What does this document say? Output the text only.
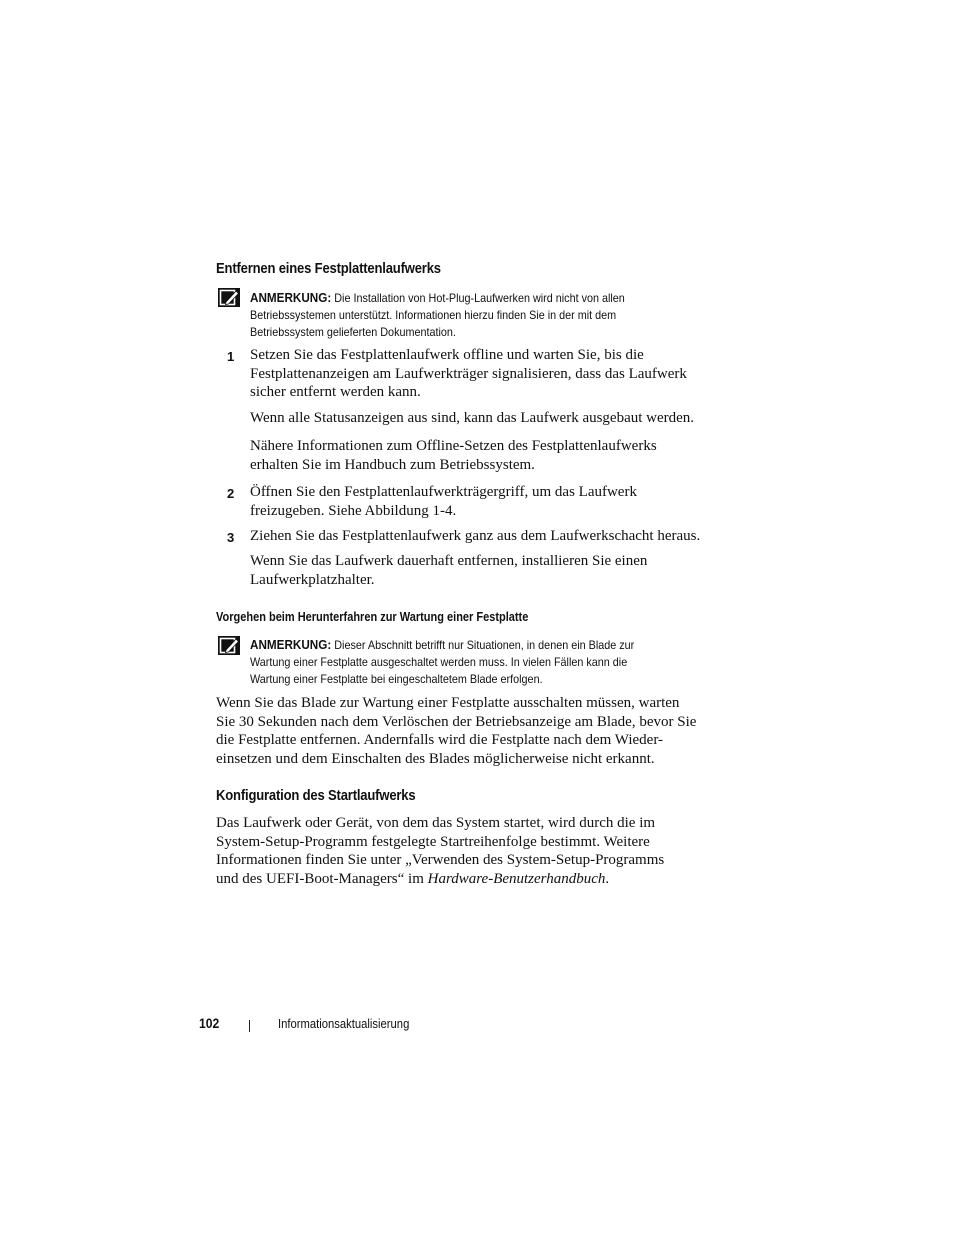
Entfernen eines Festplattenlaufwerks
ANMERKUNG: Die Installation von Hot-Plug-Laufwerken wird nicht von allen
Betriebssystemen unterstützt. Informationen hierzu finden Sie in der mit dem
Betriebssystem gelieferten Dokumentation.
1 Setzen Sie das Festplattenlaufwerk offline und warten Sie, bis die
Festplattenanzeigen am Laufwerkträger signalisieren, dass das Laufwerk
sicher entfernt werden kann.
Wenn alle Statusanzeigen aus sind, kann das Laufwerk ausgebaut werden.
Nähere Informationen zum Offline-Setzen des Festplattenlaufwerks
erhalten Sie im Handbuch zum Betriebssystem.
2 Öffnen Sie den Festplattenlaufwerkträgergriff, um das Laufwerk
freizugeben. Siehe Abbildung 1-4.
3 Ziehen Sie das Festplattenlaufwerk ganz aus dem Laufwerkschacht heraus.
Wenn Sie das Laufwerk dauerhaft entfernen, installieren Sie einen
Laufwerkplatzhalter.
Vorgehen beim Herunterfahren zur Wartung einer Festplatte
ANMERKUNG: Dieser Abschnitt betrifft nur Situationen, in denen ein Blade zur
Wartung einer Festplatte ausgeschaltet werden muss. In vielen Fällen kann die
Wartung einer Festplatte bei eingeschaltetem Blade erfolgen.
Wenn Sie das Blade zur Wartung einer Festplatte ausschalten müssen, warten
Sie 30 Sekunden nach dem Verlöschen der Betriebsanzeige am Blade, bevor Sie
die Festplatte entfernen. Andernfalls wird die Festplatte nach dem Wieder-
einsetzen und dem Einschalten des Blades möglicherweise nicht erkannt.
Konfiguration des Startlaufwerks
Das Laufwerk oder Gerät, von dem das System startet, wird durch die im
System-Setup-Programm festgelegte Startreihenfolge bestimmt. Weitere
Informationen finden Sie unter „Verwenden des System-Setup-Programms
und des UEFI-Boot-Managers“ im Hardware-Benutzerhandbuch.
102	Informationsaktualisierung
